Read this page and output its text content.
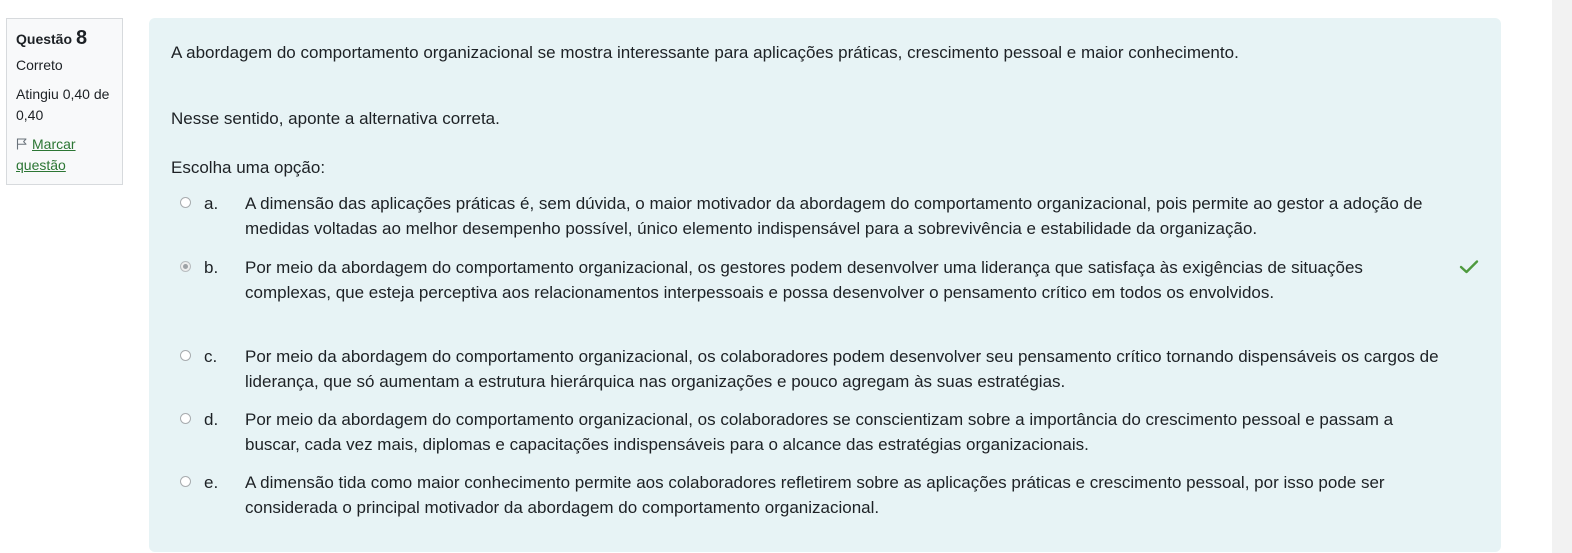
Questão 8
Correto
Atingiu 0,40 de 0,40
Marcar questão

A abordagem do comportamento organizacional se mostra interessante para aplicações práticas, crescimento pessoal e maior conhecimento.

Nesse sentido, aponte a alternativa correta.

Escolha uma opção:

a.	A dimensão das aplicações práticas é, sem dúvida, o maior motivador da abordagem do comportamento organizacional, pois permite ao gestor a adoção de medidas voltadas ao melhor desempenho possível, único elemento indispensável para a sobrevivência e estabilidade da organização.
b.	Por meio da abordagem do comportamento organizacional, os gestores podem desenvolver uma liderança que satisfaça às exigências de situações complexas, que esteja perceptiva aos relacionamentos interpessoais e possa desenvolver o pensamento crítico em todos os envolvidos.
c.	Por meio da abordagem do comportamento organizacional, os colaboradores podem desenvolver seu pensamento crítico tornando dispensáveis os cargos de liderança, que só aumentam a estrutura hierárquica nas organizações e pouco agregam às suas estratégias.
d.	Por meio da abordagem do comportamento organizacional, os colaboradores se conscientizam sobre a importância do crescimento pessoal e passam a buscar, cada vez mais, diplomas e capacitações indispensáveis para o alcance das estratégias organizacionais.
e.	A dimensão tida como maior conhecimento permite aos colaboradores refletirem sobre as aplicações práticas e crescimento pessoal, por isso pode ser considerada o principal motivador da abordagem do comportamento organizacional.
